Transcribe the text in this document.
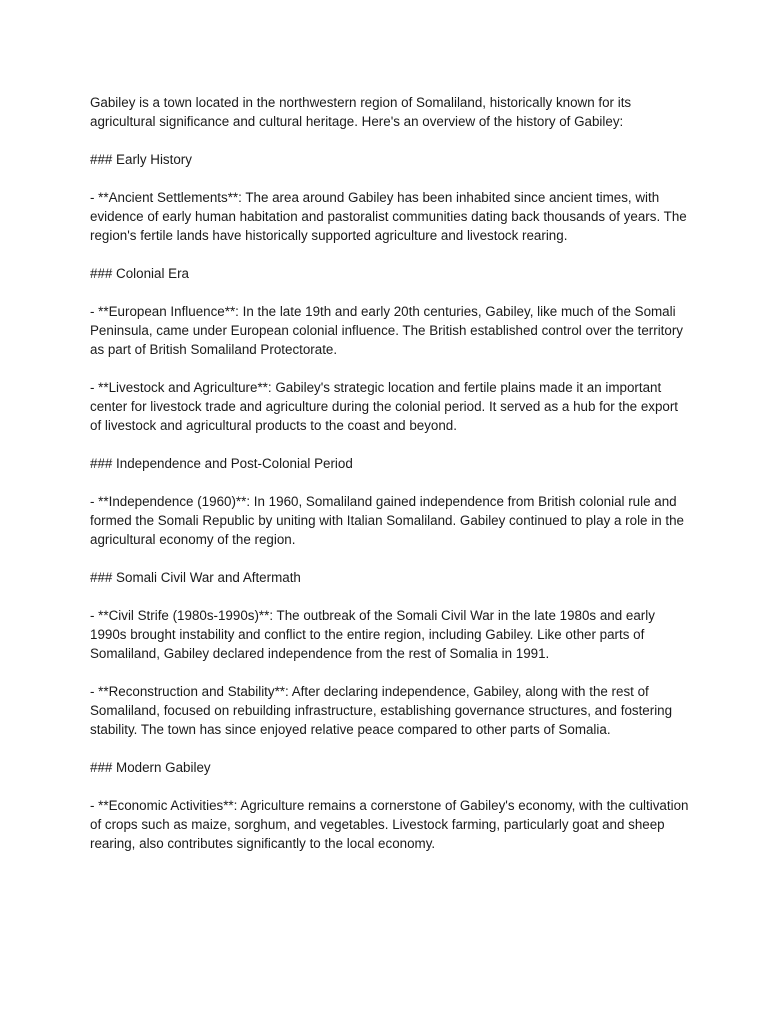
Gabiley is a town located in the northwestern region of Somaliland, historically known for its agricultural significance and cultural heritage. Here's an overview of the history of Gabiley:

### Early History

- **Ancient Settlements**: The area around Gabiley has been inhabited since ancient times, with evidence of early human habitation and pastoralist communities dating back thousands of years. The region's fertile lands have historically supported agriculture and livestock rearing.

### Colonial Era

- **European Influence**: In the late 19th and early 20th centuries, Gabiley, like much of the Somali Peninsula, came under European colonial influence. The British established control over the territory as part of British Somaliland Protectorate.

- **Livestock and Agriculture**: Gabiley's strategic location and fertile plains made it an important center for livestock trade and agriculture during the colonial period. It served as a hub for the export of livestock and agricultural products to the coast and beyond.

### Independence and Post-Colonial Period

- **Independence (1960)**: In 1960, Somaliland gained independence from British colonial rule and formed the Somali Republic by uniting with Italian Somaliland. Gabiley continued to play a role in the agricultural economy of the region.

### Somali Civil War and Aftermath

- **Civil Strife (1980s-1990s)**: The outbreak of the Somali Civil War in the late 1980s and early 1990s brought instability and conflict to the entire region, including Gabiley. Like other parts of Somaliland, Gabiley declared independence from the rest of Somalia in 1991.

- **Reconstruction and Stability**: After declaring independence, Gabiley, along with the rest of Somaliland, focused on rebuilding infrastructure, establishing governance structures, and fostering stability. The town has since enjoyed relative peace compared to other parts of Somalia.

### Modern Gabiley

- **Economic Activities**: Agriculture remains a cornerstone of Gabiley's economy, with the cultivation of crops such as maize, sorghum, and vegetables. Livestock farming, particularly goat and sheep rearing, also contributes significantly to the local economy.
